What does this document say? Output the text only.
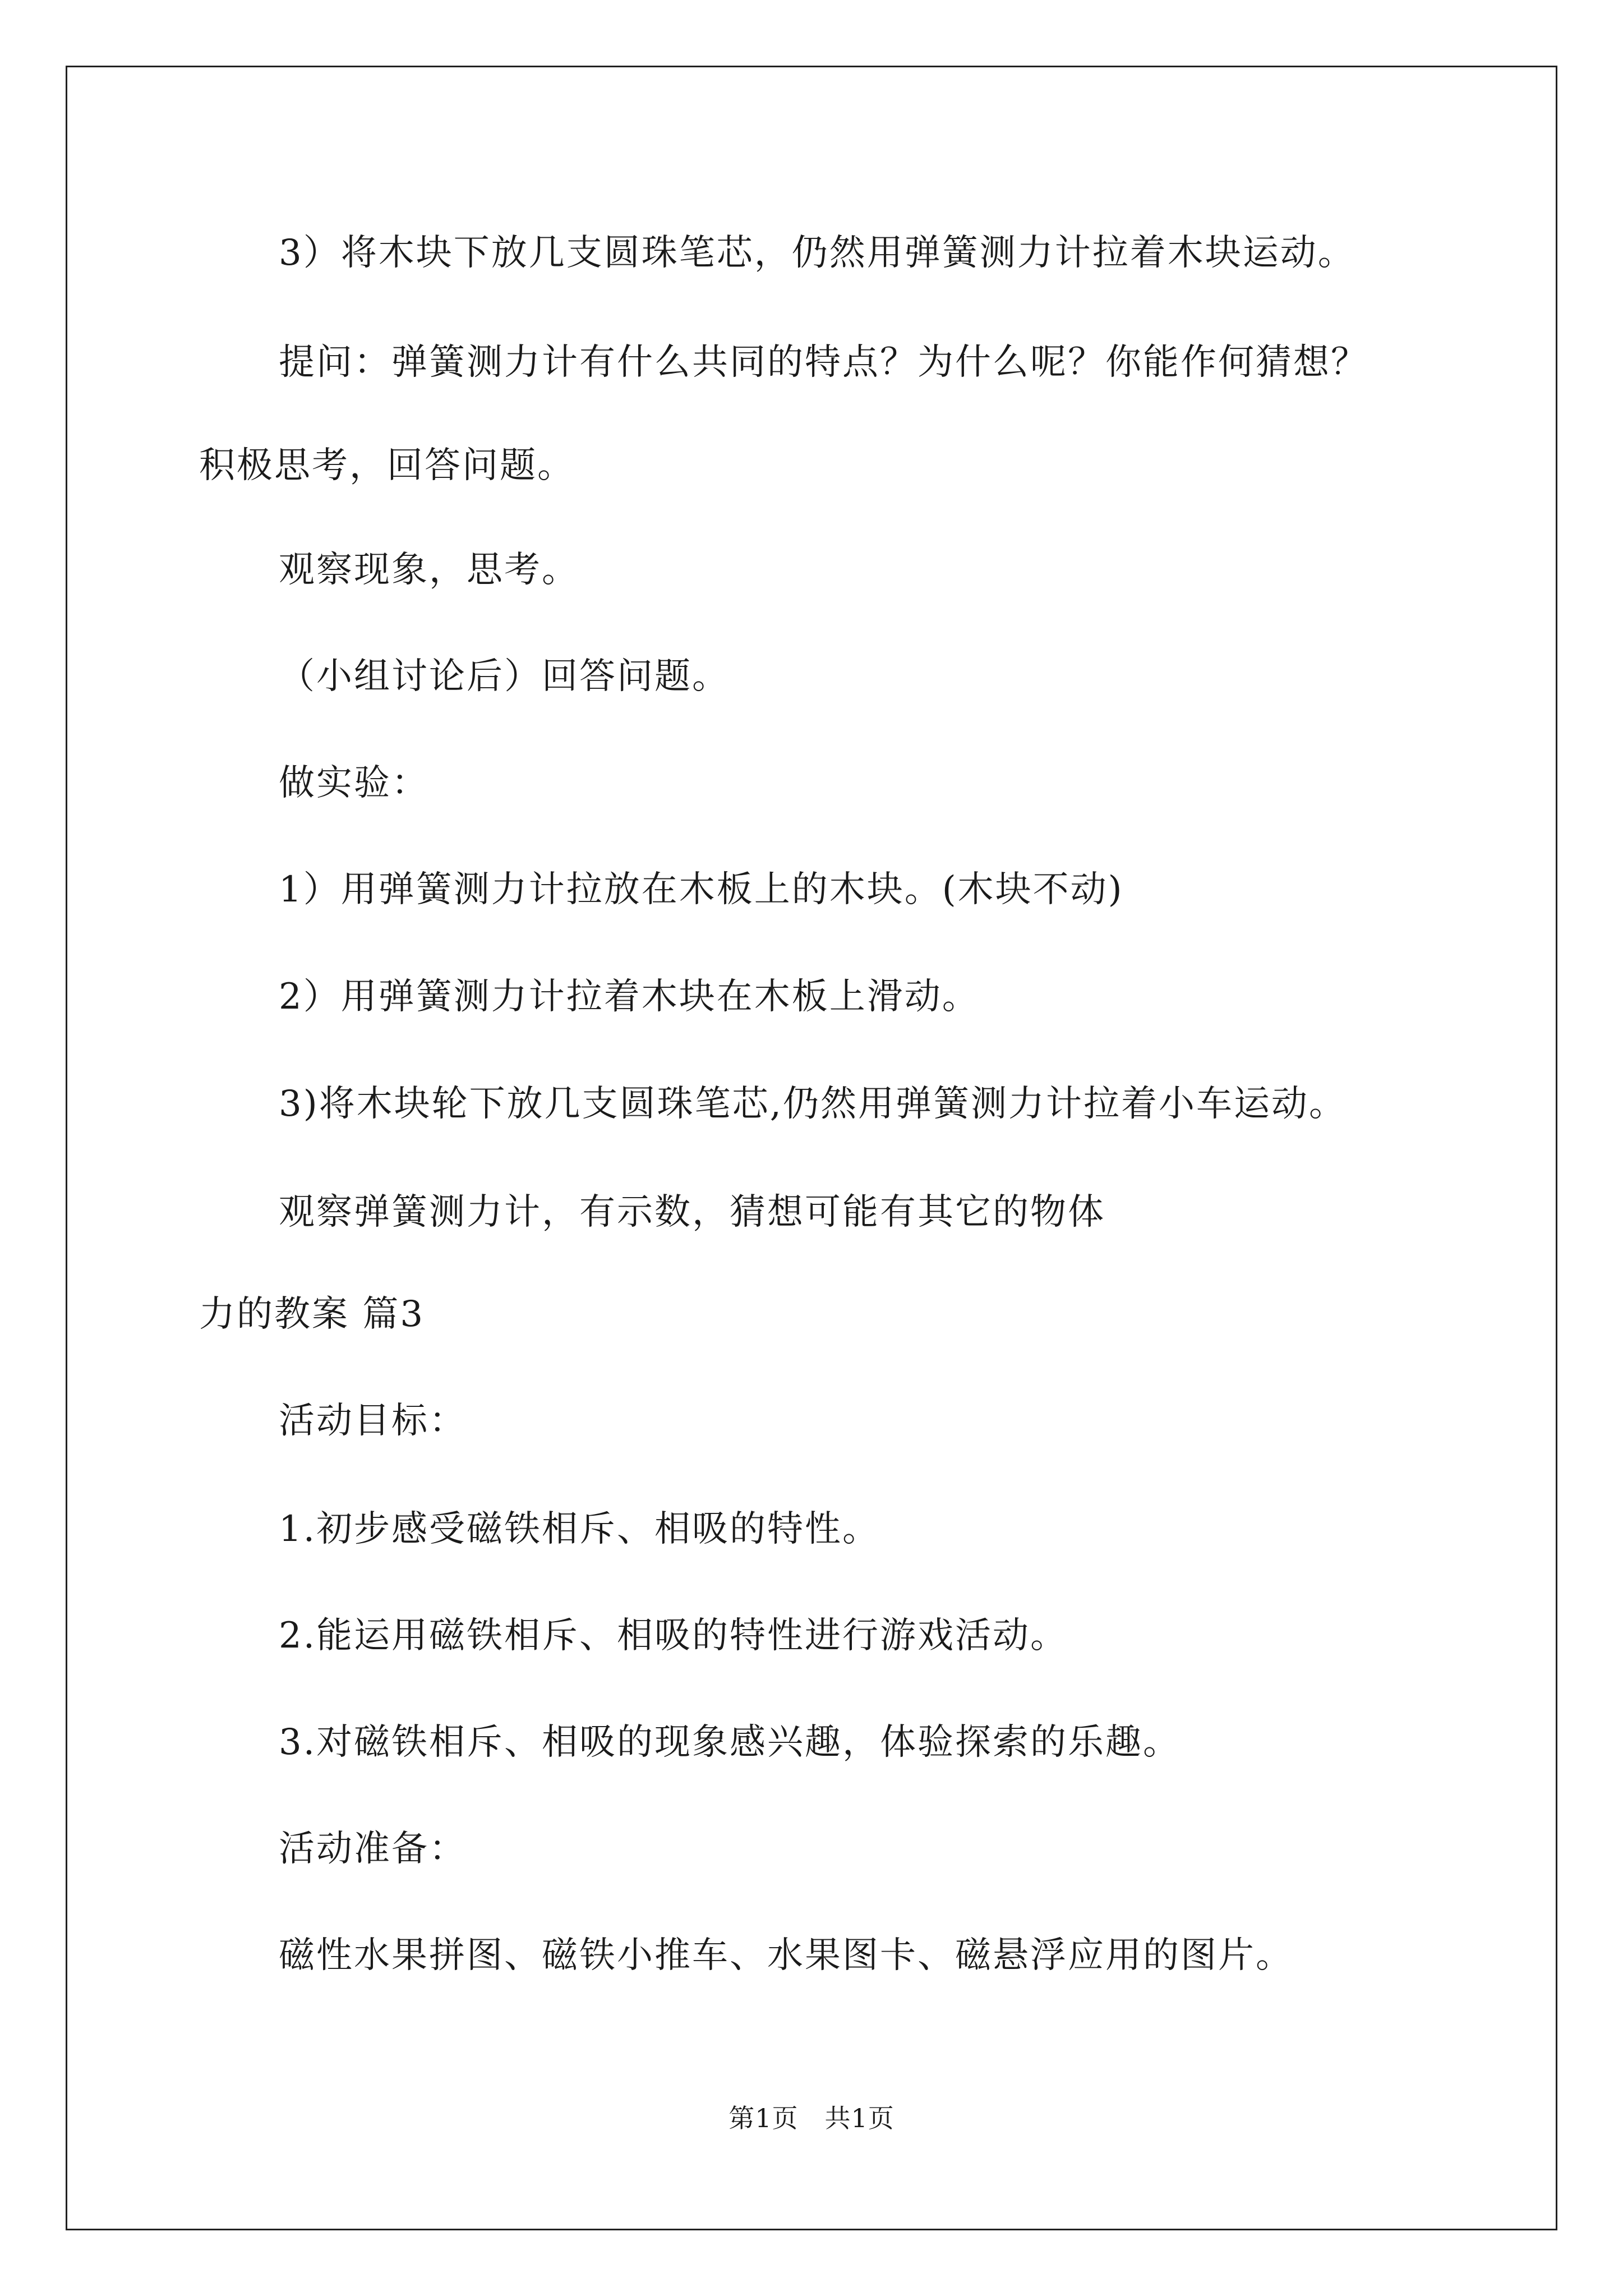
3）将木块下放几支圆珠笔芯，仍然用弹簧测力计拉着木块运动。
提问：弹簧测力计有什么共同的特点？为什么呢？你能作何猜想？
积极思考，回答问题。
观察现象，思考。
（小组讨论后）回答问题。
做实验：
1）用弹簧测力计拉放在木板上的木块。(木块不动)
2）用弹簧测力计拉着木块在木板上滑动。
3)将木块轮下放几支圆珠笔芯,仍然用弹簧测力计拉着小车运动。
观察弹簧测力计，有示数，猜想可能有其它的物体
力的教案 篇3
活动目标：
1.初步感受磁铁相斥、相吸的特性。
2.能运用磁铁相斥、相吸的特性进行游戏活动。
3.对磁铁相斥、相吸的现象感兴趣，体验探索的乐趣。
活动准备：
磁性水果拼图、磁铁小推车、水果图卡、磁悬浮应用的图片。
第1页　共1页
